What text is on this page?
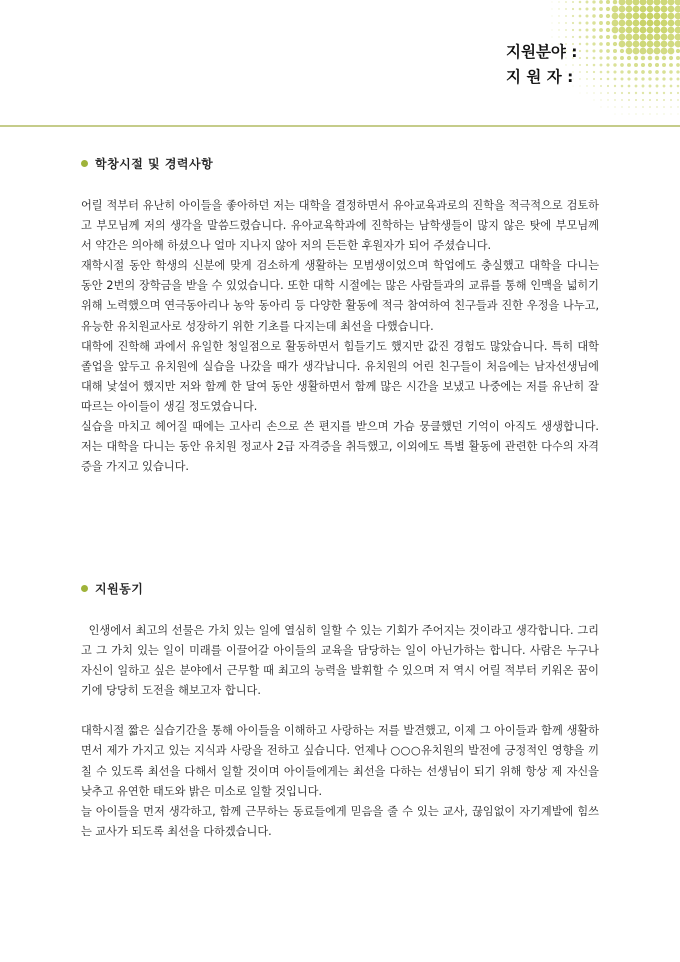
지원분야 :
지 원 자 :
학창시절 및 경력사항

어릴 적부터 유난히 아이들을 좋아하던 저는 대학을 결정하면서 유아교육과로의 진학을 적극적으로 검토하고 부모님께 저의 생각을 말씀드렸습니다. 유아교육학과에 진학하는 남학생들이 많지 않은 탓에 부모님께서 약간은 의아해 하셨으나 얼마 지나지 않아 저의 든든한 후원자가 되어 주셨습니다.

재학시절 동안 학생의 신분에 맞게 검소하게 생활하는 모범생이었으며 학업에도 충실했고 대학을 다니는 동안 2번의 장학금을 받을 수 있었습니다. 또한 대학 시절에는 많은 사람들과의 교류를 통해 인맥을 넓히기 위해 노력했으며 연극동아리나 농악 동아리 등 다양한 활동에 적극 참여하여 친구들과 진한 우정을 나누고, 유능한 유치원교사로 성장하기 위한 기초를 다지는데 최선을 다했습니다.

대학에 진학해 과에서 유일한 청일점으로 활동하면서 힘들기도 했지만 값진 경험도 많았습니다. 특히 대학 졸업을 앞두고 유치원에 실습을 나갔을 때가 생각납니다. 유치원의 어린 친구들이 처음에는 남자선생님에 대해 낯설어 했지만 저와 함께 한 달여 동안 생활하면서 함께 많은 시간을 보냈고 나중에는 저를 유난히 잘 따르는 아이들이 생길 정도였습니다.

실습을 마치고 헤어질 때에는 고사리 손으로 쓴 편지를 받으며 가슴 뭉클했던 기억이 아직도 생생합니다. 저는 대학을 다니는 동안 유치원 정교사 2급 자격증을 취득했고, 이외에도 특별 활동에 관련한 다수의 자격증을 가지고 있습니다.

지원동기

인생에서 최고의 선물은 가치 있는 일에 열심히 일할 수 있는 기회가 주어지는 것이라고 생각합니다. 그리고 그 가치 있는 일이 미래를 이끌어갈 아이들의 교육을 담당하는 일이 아닌가하는 합니다. 사람은 누구나 자신이 일하고 싶은 분야에서 근무할 때 최고의 능력을 발휘할 수 있으며 저 역시 어릴 적부터 키워온 꿈이기에 당당히 도전을 해보고자 합니다.

대학시절 짧은 실습기간을 통해 아이들을 이해하고 사랑하는 저를 발견했고, 이제 그 아이들과 함께 생활하면서 제가 가지고 있는 지식과 사랑을 전하고 싶습니다. 언제나 ○○○유치원의 발전에 긍정적인 영향을 끼칠 수 있도록 최선을 다해서 일할 것이며 아이들에게는 최선을 다하는 선생님이 되기 위해 항상 제 자신을 낮추고 유연한 태도와 밝은 미소로 일할 것입니다.

늘 아이들을 먼저 생각하고, 함께 근무하는 동료들에게 믿음을 줄 수 있는 교사, 끊임없이 자기계발에 힘쓰는 교사가 되도록 최선을 다하겠습니다.
